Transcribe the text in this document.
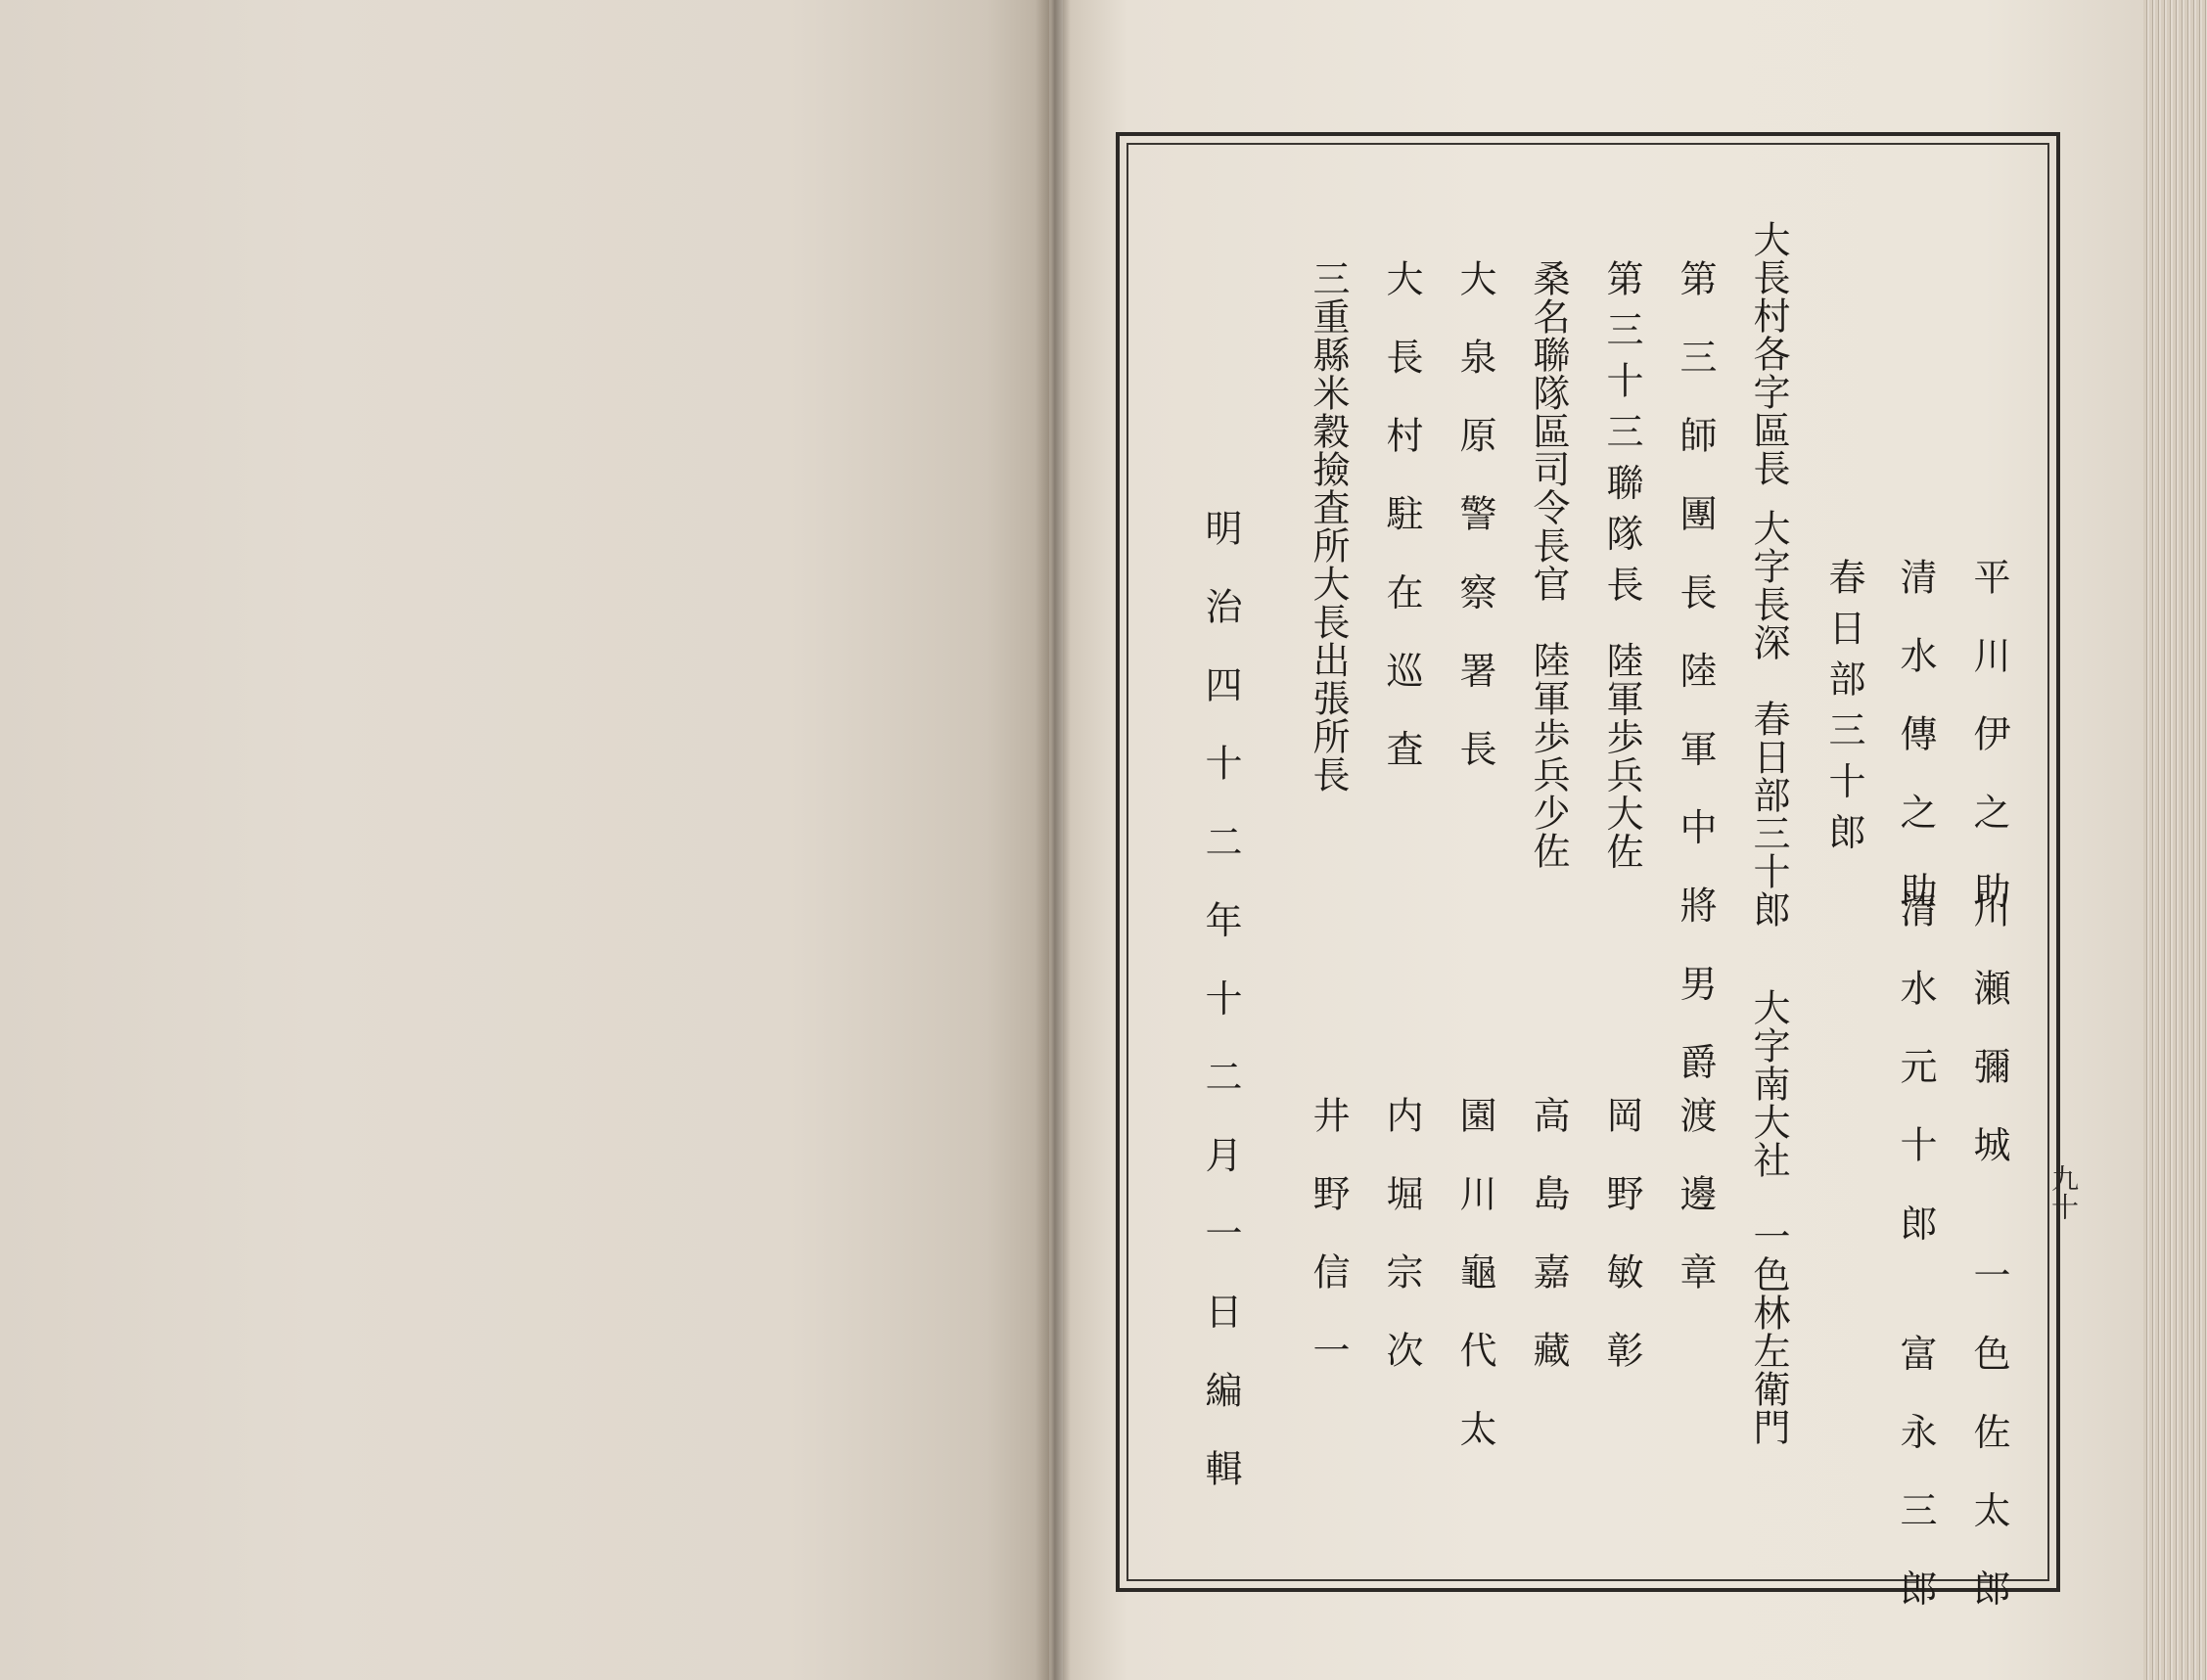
九十
平 川 伊 之 助
川 瀬 彌 城　 一 色 佐 太 郎
清 水 傳 之 助
清 水 元 十 郎　 富 永 三 郎
春 日 部 三 十 郎
大字長深　春日部三十郎
大字南大社　一色林左衛門
大長村各字區長
第 三 師 團 長 陸 軍 中 將 男 爵
渡 邊 章
第 三 十 三 聯 隊 長　陸軍歩兵大佐
岡 野 敏 彰
桑名聯隊區司令長官　陸軍歩兵少佐
高 島 嘉 藏
大 泉 原 警 察 署 長
園 川 龜 代 太
大 長 村 駐 在 巡 査
内 堀 宗 次
三重縣米穀撿査所大長出張所長
井 野 信 一
明 治 四 十 二 年 十 二 月 一 日 編 輯
